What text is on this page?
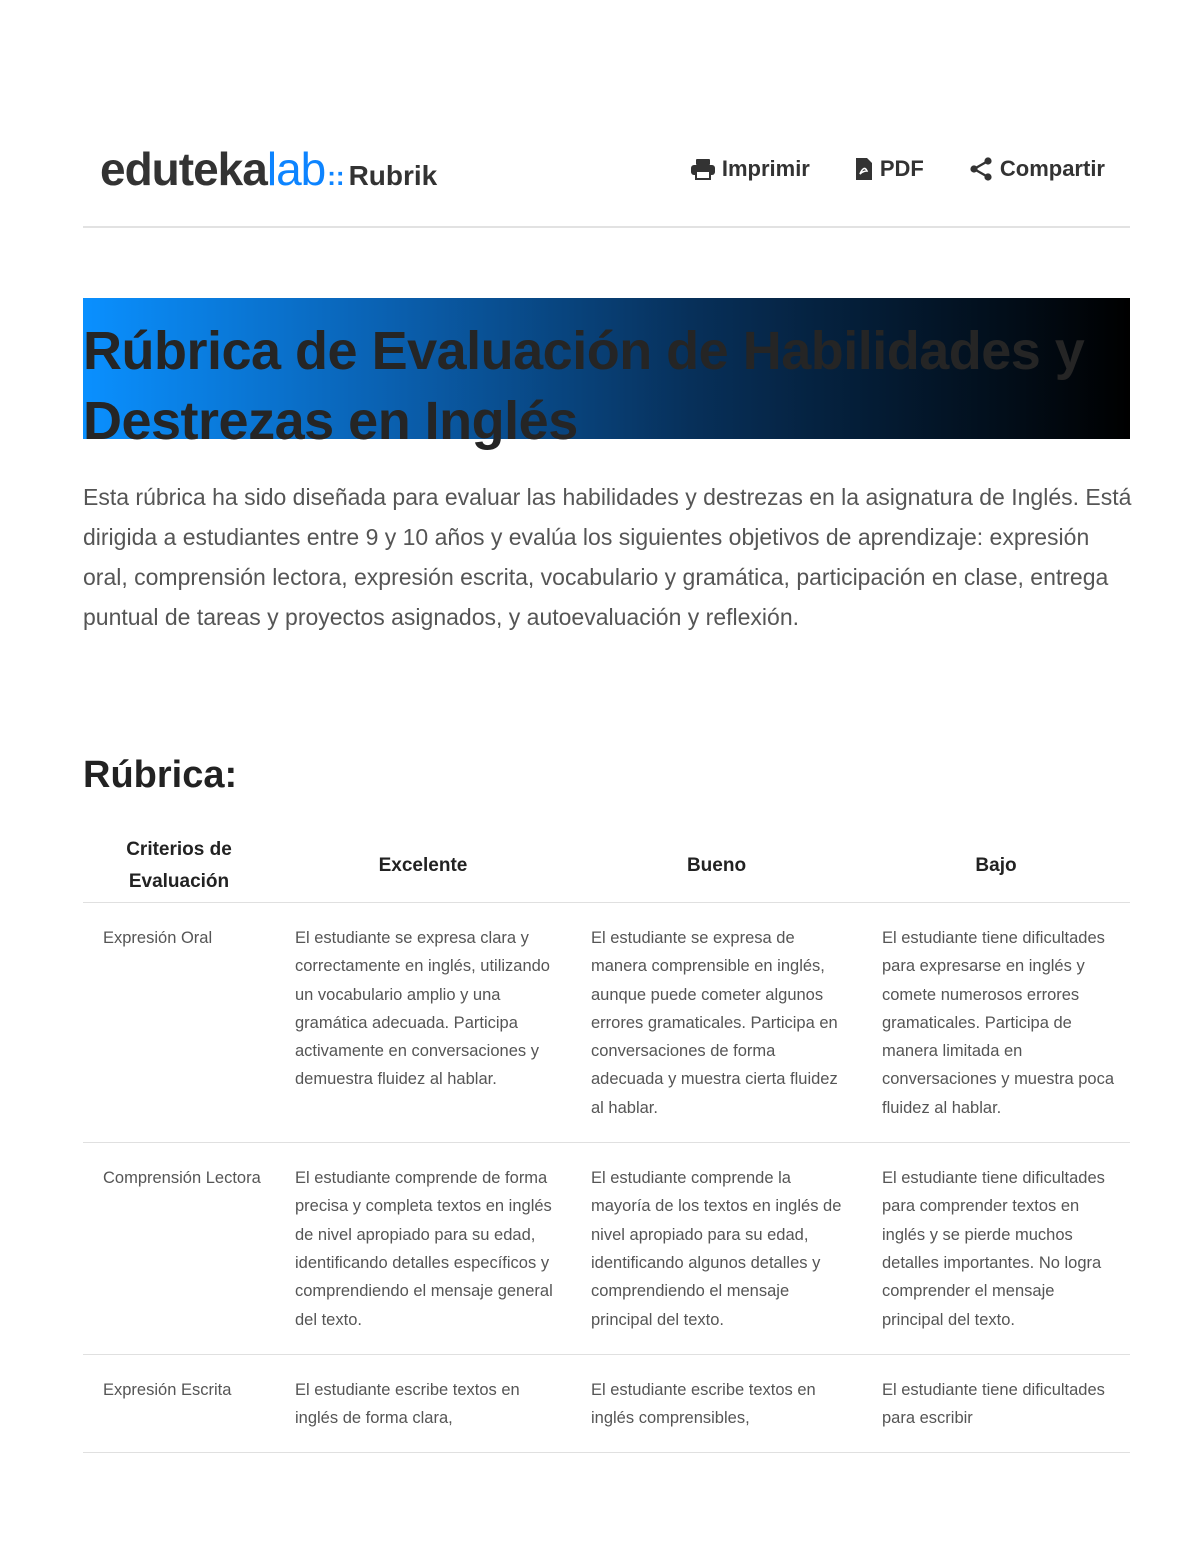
eduteka lab :: Rubrik	Imprimir	PDF	Compartir
Rúbrica de Evaluación de Habilidades y Destrezas en Inglés

Esta rúbrica ha sido diseñada para evaluar las habilidades y destrezas en la asignatura de Inglés. Está dirigida a estudiantes entre 9 y 10 años y evalúa los siguientes objetivos de aprendizaje: expresión oral, comprensión lectora, expresión escrita, vocabulario y gramática, participación en clase, entrega puntual de tareas y proyectos asignados, y autoevaluación y reflexión.

Rúbrica:
Criterios de Evaluación	Excelente	Bueno	Bajo
Expresión Oral	El estudiante se expresa clara y correctamente en inglés, utilizando un vocabulario amplio y una gramática adecuada. Participa activamente en conversaciones y demuestra fluidez al hablar.	El estudiante se expresa de manera comprensible en inglés, aunque puede cometer algunos errores gramaticales. Participa en conversaciones de forma adecuada y muestra cierta fluidez al hablar.	El estudiante tiene dificultades para expresarse en inglés y comete numerosos errores gramaticales. Participa de manera limitada en conversaciones y muestra poca fluidez al hablar.
Comprensión Lectora	El estudiante comprende de forma precisa y completa textos en inglés de nivel apropiado para su edad, identificando detalles específicos y comprendiendo el mensaje general del texto.	El estudiante comprende la mayoría de los textos en inglés de nivel apropiado para su edad, identificando algunos detalles y comprendiendo el mensaje principal del texto.	El estudiante tiene dificultades para comprender textos en inglés y se pierde muchos detalles importantes. No logra comprender el mensaje principal del texto.
Expresión Escrita	El estudiante escribe textos en inglés de forma clara,	El estudiante escribe textos en inglés comprensibles,	El estudiante tiene dificultades para escribir
